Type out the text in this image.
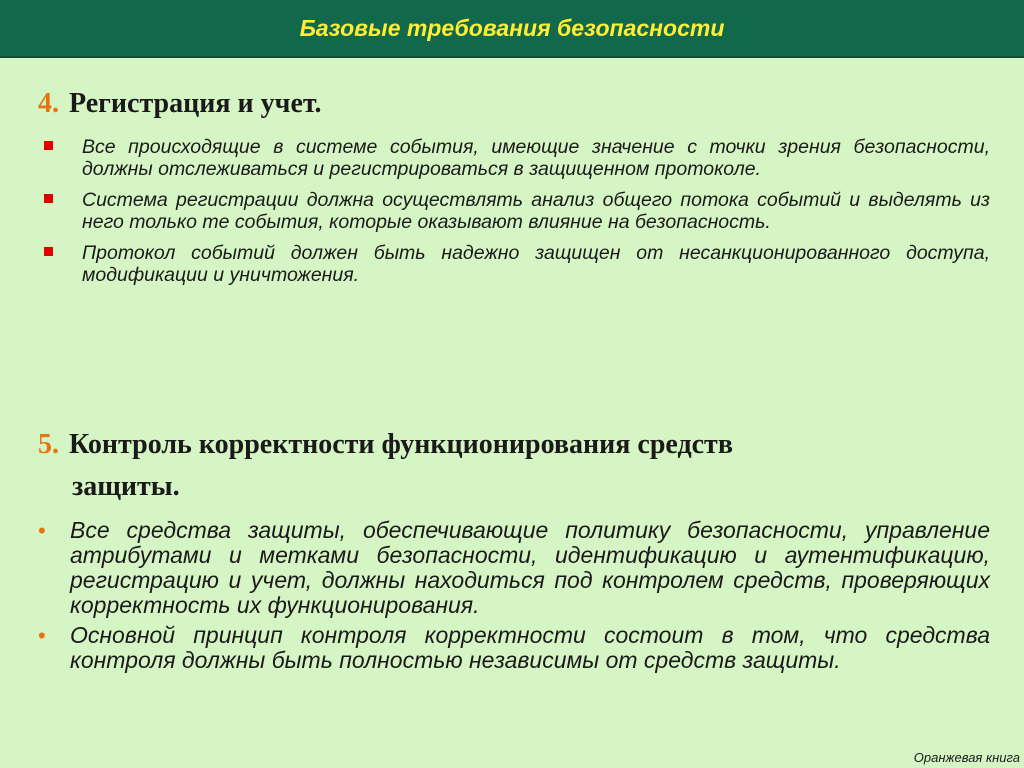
Базовые требования безопасности
4. Регистрация и учет.
Все происходящие в системе события, имеющие значение с точки зрения безопасности, должны отслеживаться и регистрироваться в защищенном протоколе.
Система регистрации должна осуществлять анализ общего потока событий и выделять из него только те события, которые оказывают влияние на безопасность.
Протокол событий должен быть надежно защищен от несанкционированного доступа, модификации и уничтожения.
5. Контроль корректности функционирования средств
защиты.
• Все средства защиты, обеспечивающие политику безопасности, управление атрибутами и метками безопасности, идентификацию и аутентификацию, регистрацию и учет, должны находиться под контролем средств, проверяющих корректность их функционирования.
• Основной принцип контроля корректности состоит в том, что средства контроля должны быть полностью независимы от средств защиты.
Оранжевая книга
